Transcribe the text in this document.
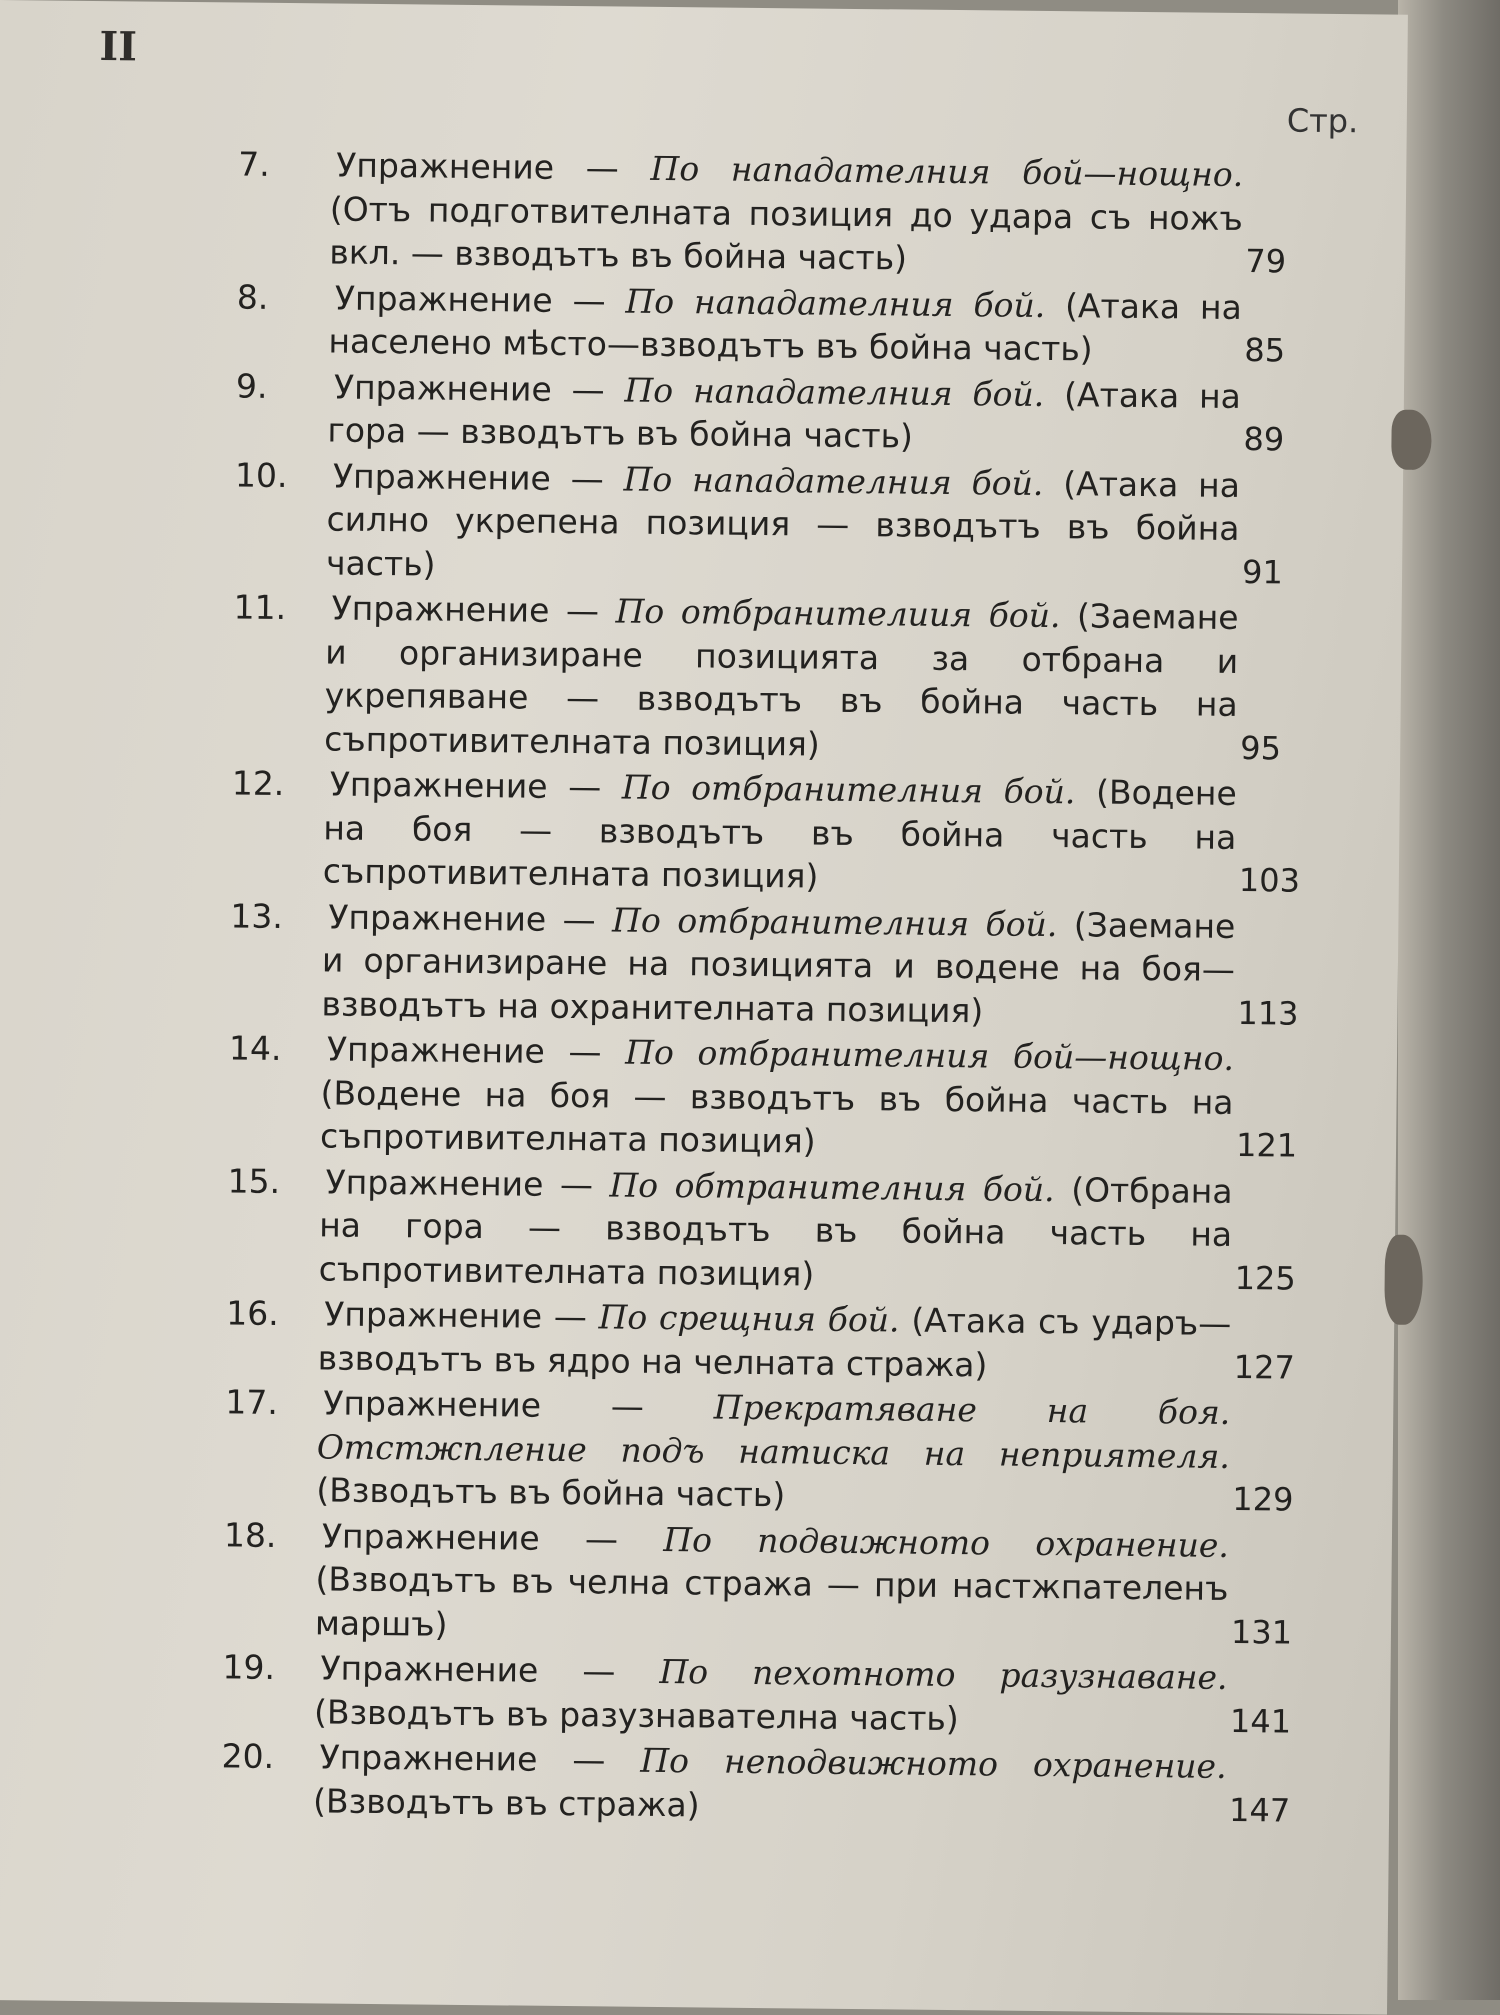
II
Стр.
7.	Упражнение — По нападателния бой—нощно. (Отъ подготвителната позиция до удара съ ножъ вкл. — взводътъ въ бойна часть)	79
8.	Упражнение — По нападателния бой. (Атака на населено мѣсто—взводътъ въ бойна часть)	85
9.	Упражнение — По нападателния бой. (Атака на гора — взводътъ въ бойна часть)	89
10.	Упражнение — По нападателния бой. (Атака на силно укрепена позиция — взводътъ въ бойна часть)	91
11.	Упражнение — По отбранителиия бой. (Заемане и организиране позицията за отбрана и укрепяване — взводътъ въ бойна часть на съпротивителната позиция)	95
12.	Упражнение — По отбранителния бой. (Водене на боя — взводътъ въ бойна часть на съпротивителната позиция)	103
13.	Упражнение — По отбранителния бой. (Заемане и организиране на позицията и водене на боя—взводътъ на охранителната позиция)	113
14.	Упражнение — По отбранителния бой—нощно. (Водене на боя — взводътъ въ бойна часть на съпротивителната позиция)	121
15.	Упражнение — По обтранителния бой. (Отбрана на гора — взводътъ въ бойна часть на съпротивителната позиция)	125
16.	Упражнение — По срещния бой. (Атака съ ударъ—взводътъ въ ядро на челната стража)	127
17.	Упражнение — Прекратяване на боя. Отстжпление подъ натиска на неприятеля. (Взводътъ въ бойна часть)	129
18.	Упражнение — По подвижното охранение. (Взводътъ въ челна стража — при настжпателенъ маршъ)	131
19.	Упражнение — По пехотното разузнаване. (Взводътъ въ разузнавателна часть)	141
20.	Упражнение — По неподвижното охранение. (Взводътъ въ стража)	147
